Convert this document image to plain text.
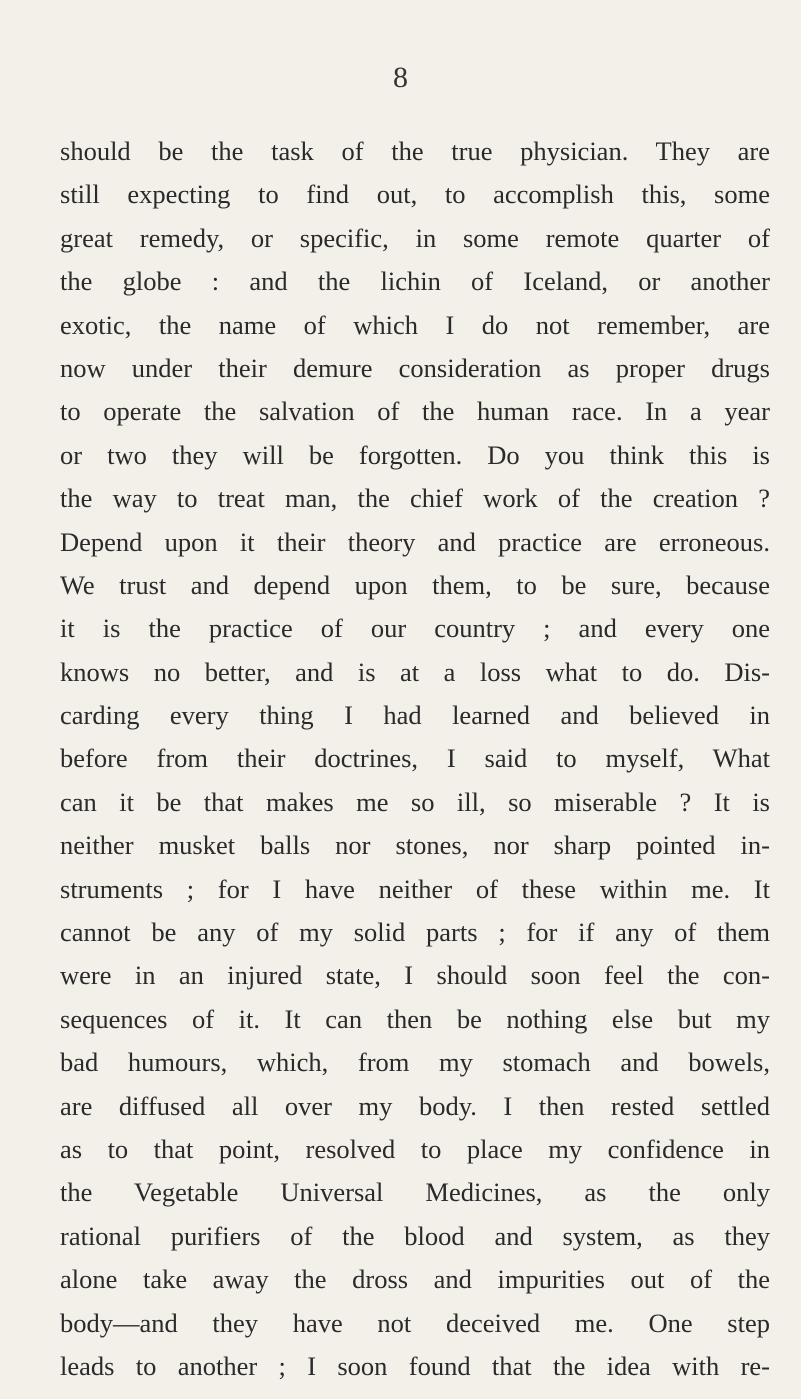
8
should be the task of the true physician. They are
still expecting to find out, to accomplish this, some
great remedy, or specific, in some remote quarter of
the globe : and the lichin of Iceland, or another
exotic, the name of which I do not remember, are
now under their demure consideration as proper drugs
to operate the salvation of the human race. In a year
or two they will be forgotten. Do you think this is
the way to treat man, the chief work of the creation ?
Depend upon it their theory and practice are erroneous.
We trust and depend upon them, to be sure, because
it is the practice of our country ; and every one
knows no better, and is at a loss what to do. Dis-
carding every thing I had learned and believed in
before from their doctrines, I said to myself, What
can it be that makes me so ill, so miserable ? It is
neither musket balls nor stones, nor sharp pointed in-
struments ; for I have neither of these within me. It
cannot be any of my solid parts ; for if any of them
were in an injured state, I should soon feel the con-
sequences of it. It can then be nothing else but my
bad humours, which, from my stomach and bowels,
are diffused all over my body. I then rested settled
as to that point, resolved to place my confidence in
the Vegetable Universal Medicines, as the only
rational purifiers of the blood and system, as they
alone take away the dross and impurities out of the
body—and they have not deceived me. One step
leads to another ; I soon found that the idea with re-
